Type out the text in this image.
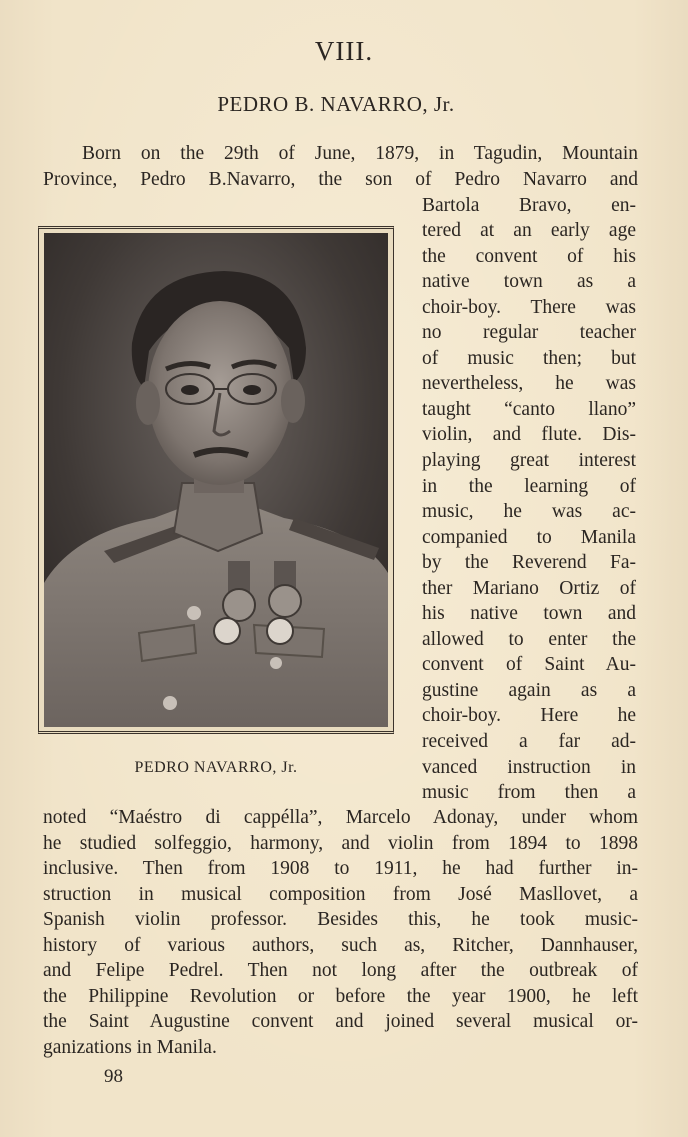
VIII.
PEDRO B. NAVARRO, Jr.
Born on the 29th of June, 1879, in Tagudin, Mountain
Province, Pedro B.Navarro, the son of Pedro Navarro and
PEDRO NAVARRO, Jr.
Bartola Bravo, en-
tered at an early age
the convent of his
native town as a
choir-boy. There was
no regular teacher
of music then; but
nevertheless, he was
taught “canto llano”
violin, and flute. Dis-
playing great interest
in the learning of
music, he was ac-
companied to Manila
by the Reverend Fa-
ther Mariano Ortiz of
his native town and
allowed to enter the
convent of Saint Au-
gustine again as a
choir-boy. Here he
received a far ad-
vanced instruction in
music from then a
noted “Maéstro di cappélla”, Marcelo Adonay, under whom
he studied solfeggio, harmony, and violin from 1894 to 1898
inclusive. Then from 1908 to 1911, he had further in-
struction in musical composition from José Masllovet, a
Spanish violin professor. Besides this, he took music-
history of various authors, such as, Ritcher, Dannhauser,
and Felipe Pedrel. Then not long after the outbreak of
the Philippine Revolution or before the year 1900, he left
the Saint Augustine convent and joined several musical or-
ganizations in Manila.
98
